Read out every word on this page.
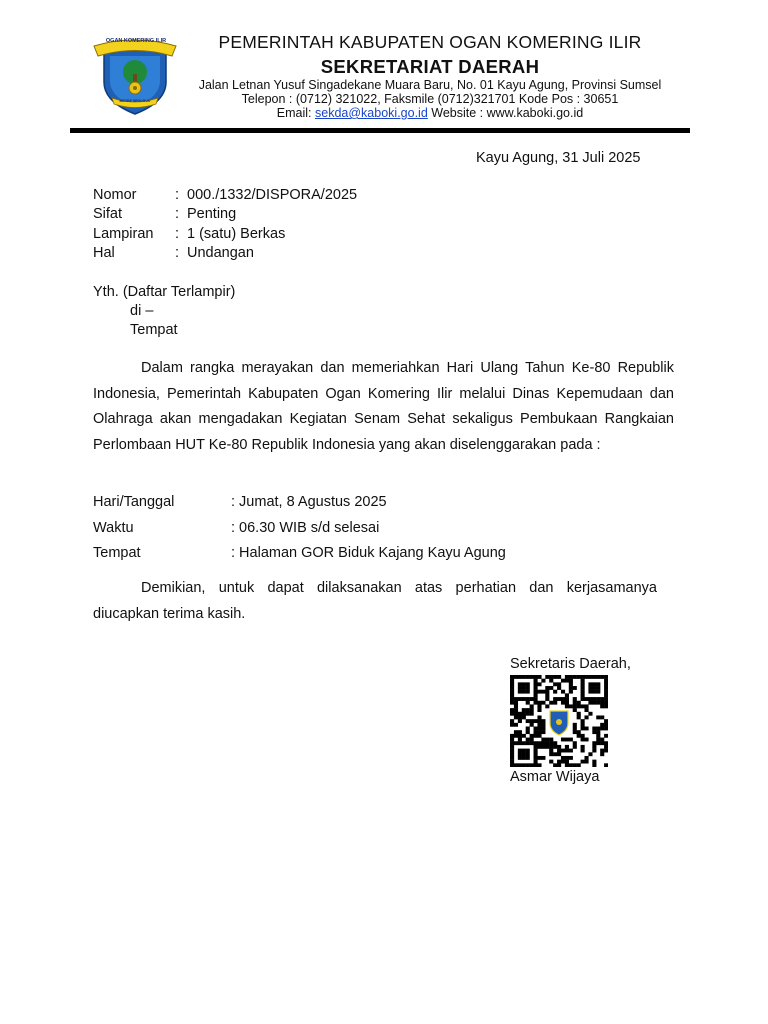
OGAN KOMERING ILIR
BENDE SEGUGUK
PEMERINTAH KABUPATEN OGAN KOMERING ILIR
SEKRETARIAT DAERAH
Jalan Letnan Yusuf Singadekane Muara Baru, No. 01 Kayu Agung, Provinsi Sumsel
Telepon : (0712) 321022, Faksmile (0712)321701 Kode Pos : 30651
Email: sekda@kaboki.go.id Website : www.kaboki.go.id
Kayu Agung, 31 Juli 2025
Nomor	: 000./1332/DISPORA/2025
Sifat	: Penting
Lampiran : 1 (satu) Berkas
Hal	: Undangan
Yth. (Daftar Terlampir)
di –
Tempat

Dalam rangka merayakan dan memeriahkan Hari Ulang Tahun Ke-80 Republik Indonesia, Pemerintah Kabupaten Ogan Komering Ilir melalui Dinas Kepemudaan dan Olahraga akan mengadakan Kegiatan Senam Sehat sekaligus Pembukaan Rangkaian Perlombaan HUT Ke-80 Republik Indonesia yang akan diselenggarakan pada :

Hari/Tanggal	: Jumat, 8 Agustus 2025
Waktu	: 06.30 WIB s/d selesai
Tempat	: Halaman GOR Biduk Kajang Kayu Agung

Demikian, untuk dapat dilaksanakan atas perhatian dan kerjasamanya diucapkan terima kasih.

Sekretaris Daerah,
Asmar Wijaya
